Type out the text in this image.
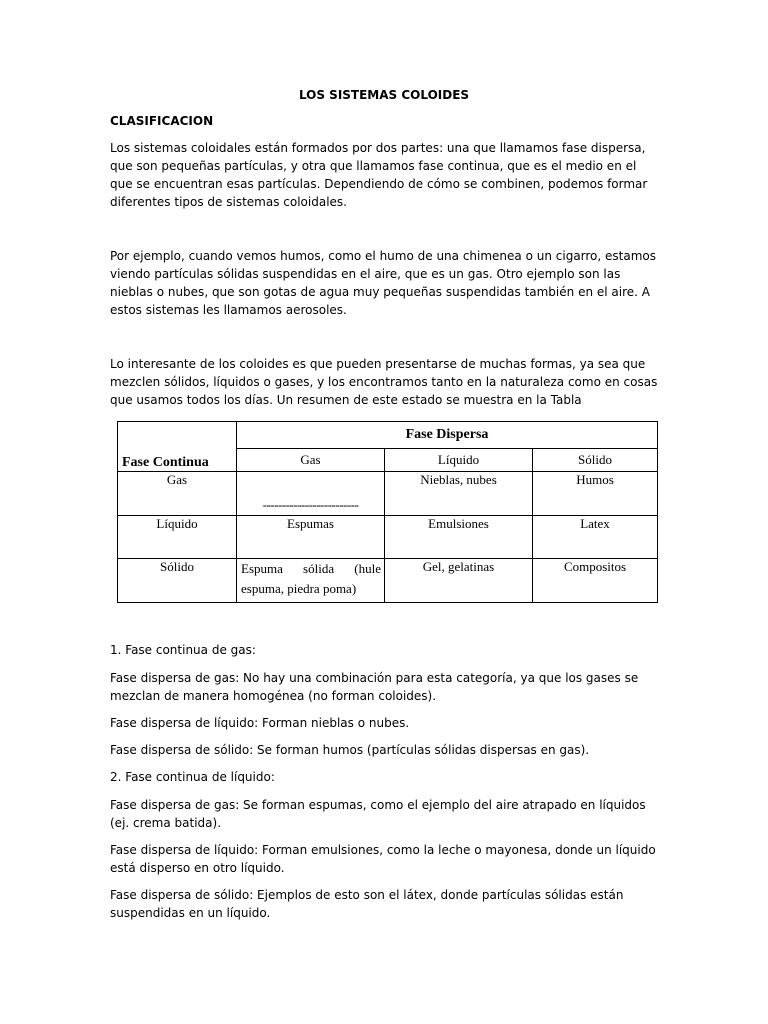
LOS SISTEMAS COLOIDES
CLASIFICACION

Los sistemas coloidales están formados por dos partes: una que llamamos fase dispersa, que son pequeñas partículas, y otra que llamamos fase continua, que es el medio en el que se encuentran esas partículas. Dependiendo de cómo se combinen, podemos formar diferentes tipos de sistemas coloidales.

Por ejemplo, cuando vemos humos, como el humo de una chimenea o un cigarro, estamos viendo partículas sólidas suspendidas en el aire, que es un gas. Otro ejemplo son las nieblas o nubes, que son gotas de agua muy pequeñas suspendidas también en el aire. A estos sistemas les llamamos aerosoles.

Lo interesante de los coloides es que pueden presentarse de muchas formas, ya sea que mezclen sólidos, líquidos o gases, y los encontramos tanto en la naturaleza como en cosas que usamos todos los días. Un resumen de este estado se muestra en la Tabla

Fase Continua	Fase Dispersa		
	Gas	Líquido	Sólido
Gas	-------------------------	Nieblas, nubes	Humos
Líquido	Espumas	Emulsiones	Latex
Sólido	Espuma sólida (hule espuma, piedra poma)	Gel, gelatinas	Compositos

1. Fase continua de gas:

Fase dispersa de gas: No hay una combinación para esta categoría, ya que los gases se mezclan de manera homogénea (no forman coloides).

Fase dispersa de líquido: Forman nieblas o nubes.

Fase dispersa de sólido: Se forman humos (partículas sólidas dispersas en gas).

2. Fase continua de líquido:

Fase dispersa de gas: Se forman espumas, como el ejemplo del aire atrapado en líquidos (ej. crema batida).

Fase dispersa de líquido: Forman emulsiones, como la leche o mayonesa, donde un líquido está disperso en otro líquido.

Fase dispersa de sólido: Ejemplos de esto son el látex, donde partículas sólidas están suspendidas en un líquido.
